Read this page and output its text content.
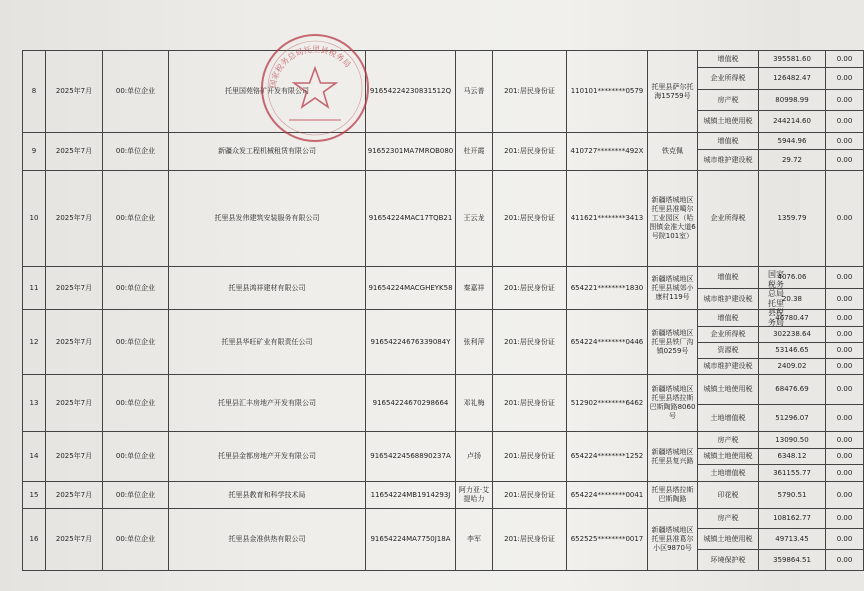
8	2025年7月	00:单位企业	托里国苑铬矿开发有限公司	91654224230831512Q	马云普	201:居民身份证	110101********0579	托里县萨尔托海15759号	增值税	395581.60	0.00
									企业所得税	126482.47	0.00
									房产税	80998.99	0.00
									城镇土地使用税	244214.60	0.00
9	2025年7月	00:单位企业	新疆众发工程机械租赁有限公司	91652301MA7MROB080	杜开霞	201:居民身份证	410727********492X	铁克佩	增值税	5944.96	0.00
									城市维护建设税	29.72	0.00
10	2025年7月	00:单位企业	托里县发伟建筑安装服务有限公司	91654224MAC17TQB21	王云龙	201:居民身份证	411621********3413	新疆塔城地区托里县准噶尔工业园区（哈图镇金准大道6号院101室）	企业所得税	1359.79	0.00
11	2025年7月	00:单位企业	托里县鸿祥建材有限公司	91654224MACGHEYK58	秦嘉祥	201:居民身份证	654221********1830	新疆塔城地区托里县城郊小康村119号	增值税	4076.06	0.00
									城市维护建设税	20.38	0.00
12	2025年7月	00:单位企业	托里县华旺矿业有限责任公司	91654224676339084Y	张利萍	201:居民身份证	654224********0446	新疆塔城地区托里县铁厂沟镇0259号	增值税	46780.47	0.00
									企业所得税	302238.64	0.00
									资源税	53146.65	0.00
									城市维护建设税	2409.02	0.00
13	2025年7月	00:单位企业	托里县汇丰房地产开发有限公司	91654224670298664	邓礼梅	201:居民身份证	512902********6462	新疆塔城地区托里县塔拉斯巴斯陶路8060号	城镇土地使用税	68476.69	0.00
									土地增值税	51296.07	0.00
14	2025年7月	00:单位企业	托里县金都房地产开发有限公司	91654224568890237A	卢扬	201:居民身份证	654224********1252	新疆塔城地区托里县复兴路	房产税	13090.50	0.00
									城镇土地使用税	6348.12	0.00
									土地增值税	361155.77	0.00
15	2025年7月	00:单位企业	托里县教育和科学技术局	11654224MB1914293J	阿力亚·艾提哈力	201:居民身份证	654224********0041	托里县塔拉斯巴斯陶路	印花税	5790.51	0.00
16	2025年7月	00:单位企业	托里县金准供热有限公司	91654224MA7750J18A	李军	201:居民身份证	652525********0017	新疆塔城地区托里县准葛尔小区9870号	房产税	108162.77	0.00
									城镇土地使用税	49713.45	0.00
									环境保护税	359864.51	0.00
国家税务总局托里县税务局
国家税务总局托里县税务局
